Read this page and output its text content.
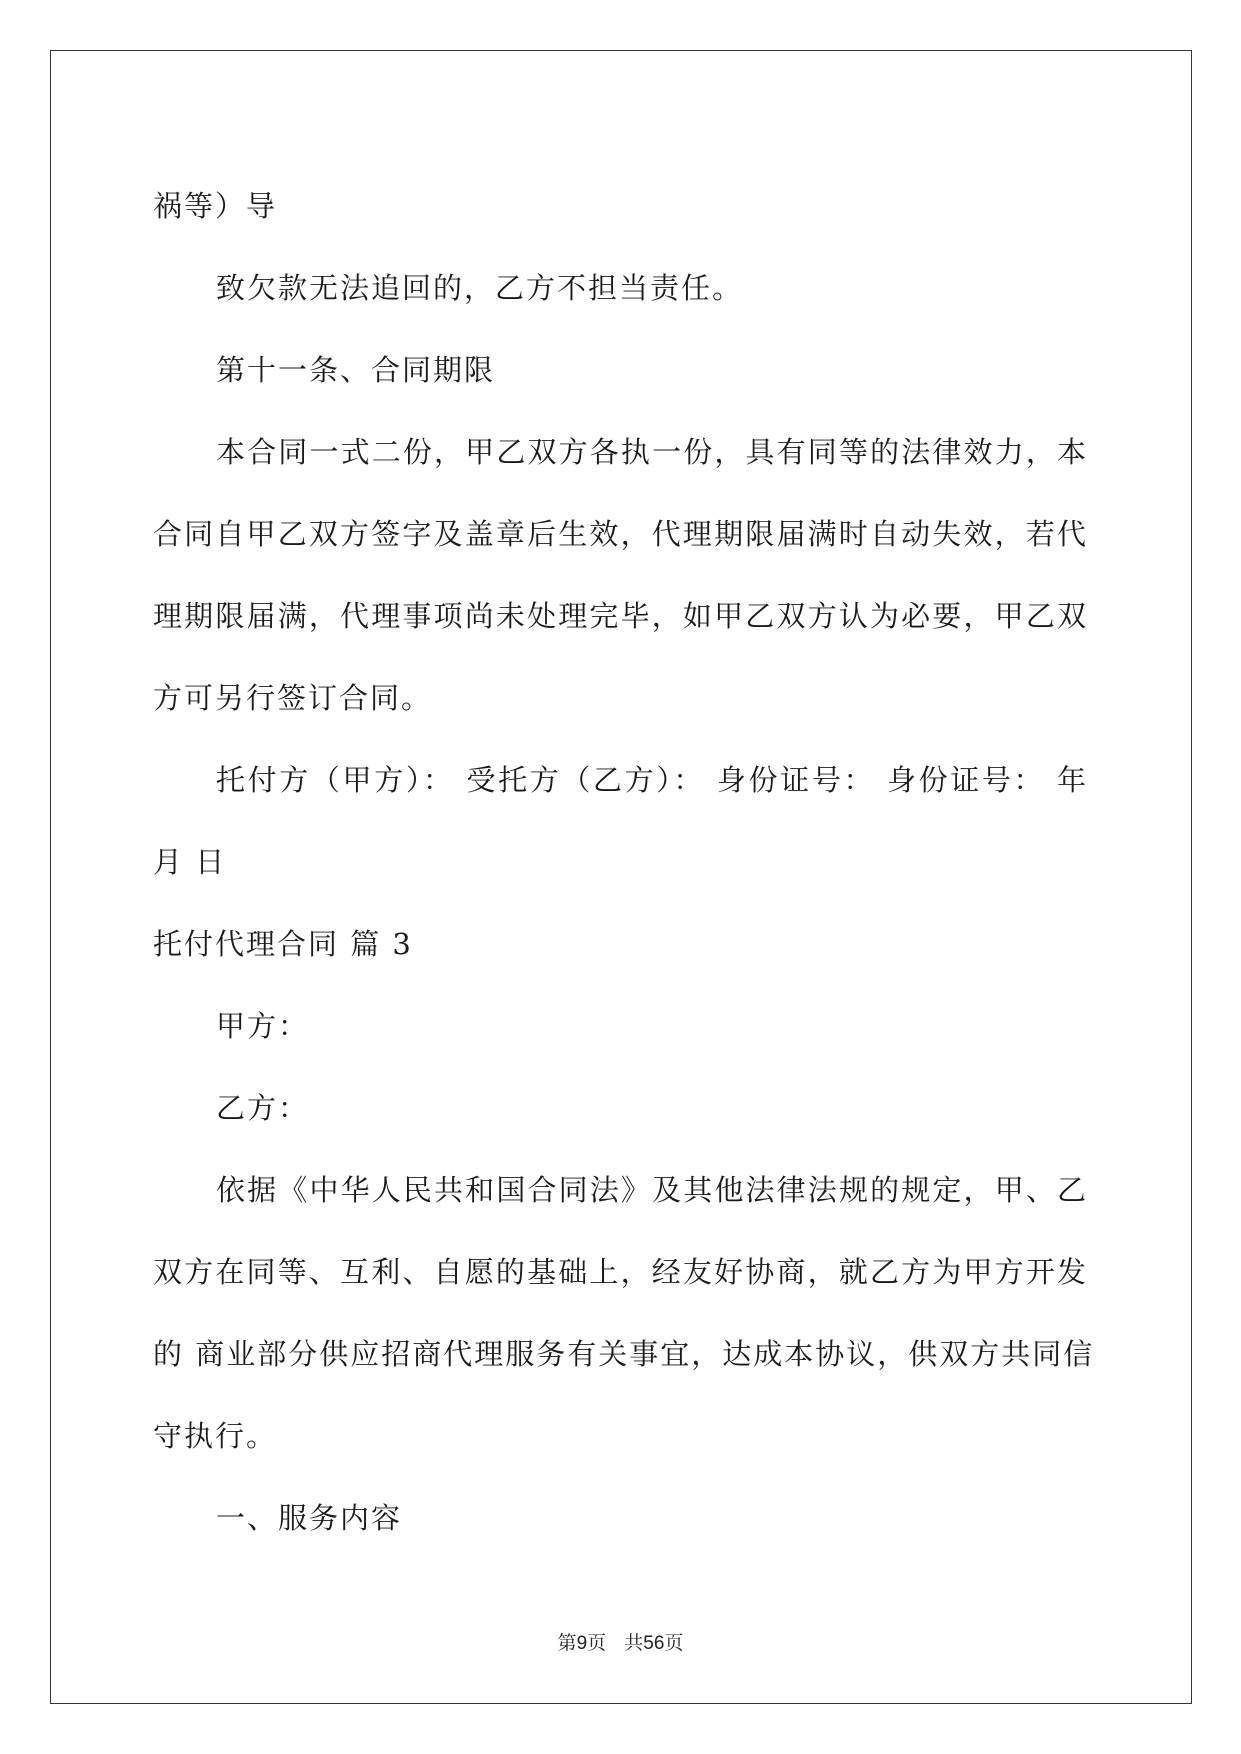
祸等）导
致欠款无法追回的，乙方不担当责任。
第十一条、合同期限
本合同一式二份，甲乙双方各执一份，具有同等的法律效力，本
合同自甲乙双方签字及盖章后生效，代理期限届满时自动失效，若代
理期限届满，代理事项尚未处理完毕，如甲乙双方认为必要，甲乙双
方可另行签订合同。
托付方（甲方）： 受托方（乙方）： 身份证号： 身份证号： 年
月 日
托付代理合同 篇 3
甲方：
乙方：
依据《中华人民共和国合同法》及其他法律法规的规定，甲、乙
双方在同等、互利、自愿的基础上，经友好协商，就乙方为甲方开发
的 商业部分供应招商代理服务有关事宜，达成本协议，供双方共同信
守执行。
一、服务内容
第9页 共56页
